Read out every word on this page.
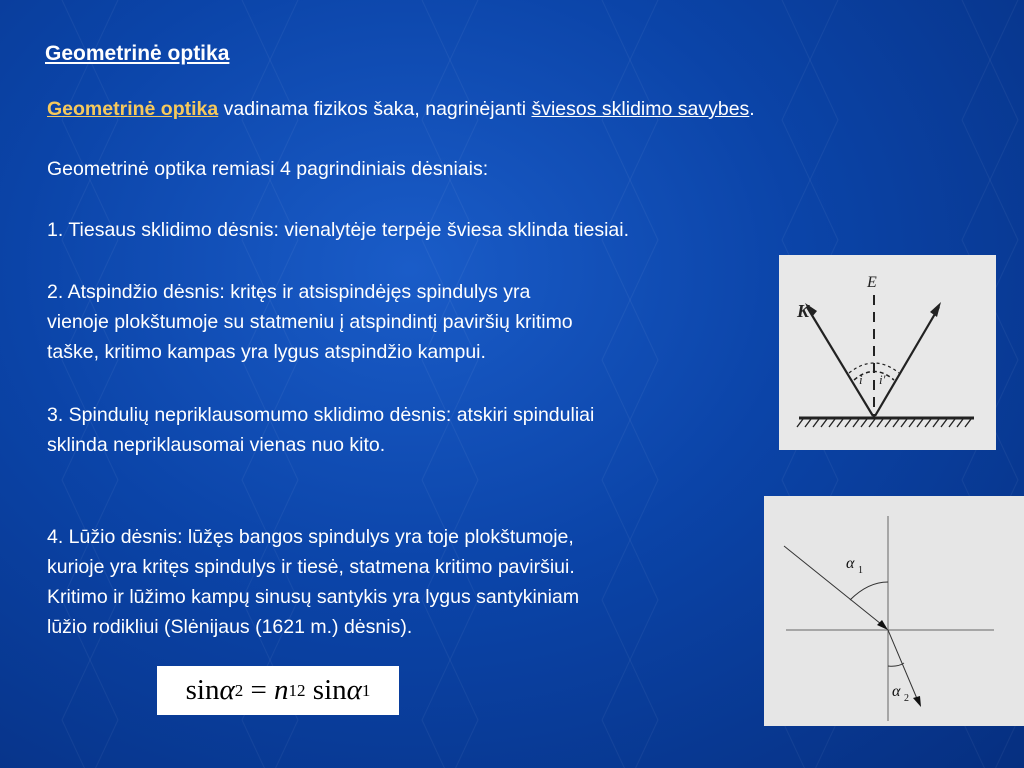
Geometrinė optika
Geometrinė optika vadinama fizikos šaka, nagrinėjanti šviesos sklidimo savybes.
Geometrinė optika remiasi 4 pagrindiniais dėsniais:
1. Tiesaus sklidimo dėsnis: vienalytėje terpėje šviesa sklinda tiesiai.
2. Atspindžio dėsnis: kritęs ir atsispindėjęs spindulys yra
vienoje plokštumoje su statmeniu į atspindintį paviršių kritimo
taške, kritimo kampas yra lygus atspindžio kampui.
3. Spindulių nepriklausomumo sklidimo dėsnis: atskiri spinduliai
sklinda nepriklausomai vienas nuo kito.
4. Lūžio dėsnis: lūžęs bangos spindulys yra toje plokštumoje,
kurioje yra kritęs spindulys ir tiesė, statmena kritimo paviršiui.
Kritimo ir lūžimo kampų sinusų santykis yra lygus santykiniam
lūžio rodikliui (Slėnijaus (1621 m.) dėsnis).
E
K
i i′
α 1
α 2
sin α 2 = n 12 sin α 1
